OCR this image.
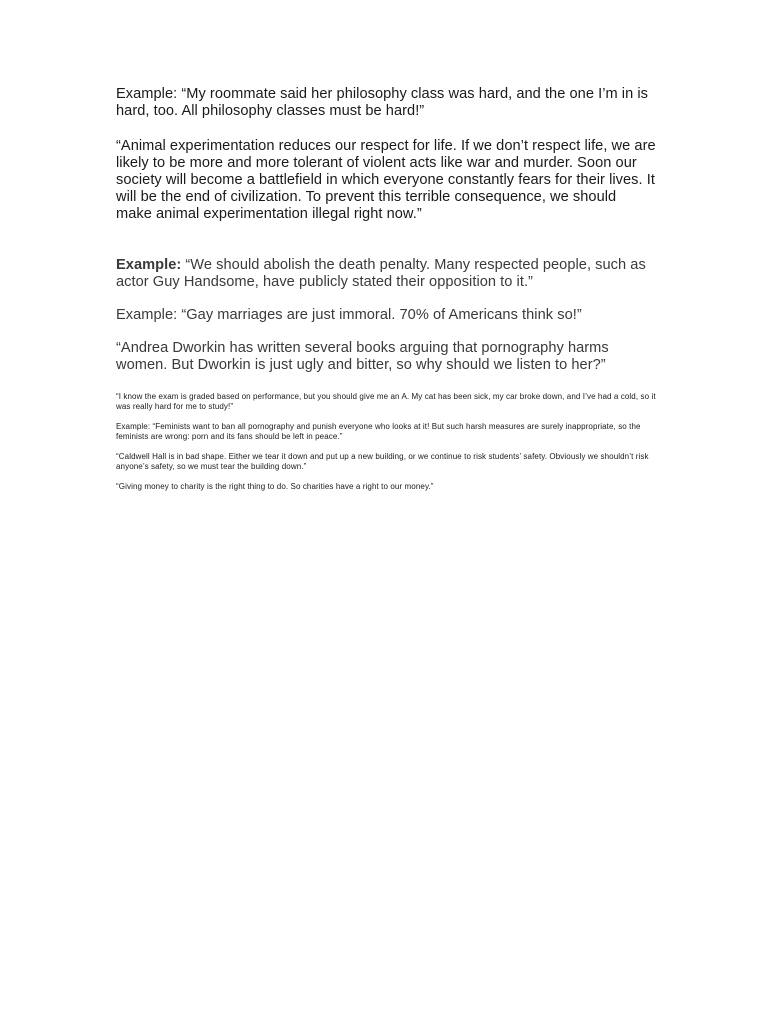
Example: “My roommate said her philosophy class was hard, and the one I’m in is hard, too. All philosophy classes must be hard!”

“Animal experimentation reduces our respect for life. If we don’t respect life, we are likely to be more and more tolerant of violent acts like war and murder. Soon our society will become a battlefield in which everyone constantly fears for their lives. It will be the end of civilization. To prevent this terrible consequence, we should make animal experimentation illegal right now.”

Example: “We should abolish the death penalty. Many respected people, such as actor Guy Handsome, have publicly stated their opposition to it.”

Example: “Gay marriages are just immoral. 70% of Americans think so!”

“Andrea Dworkin has written several books arguing that pornography harms women. But Dworkin is just ugly and bitter, so why should we listen to her?”

“I know the exam is graded based on performance, but you should give me an A. My cat has been sick, my car broke down, and I’ve had a cold, so it was really hard for me to study!”

Example: “Feminists want to ban all pornography and punish everyone who looks at it! But such harsh measures are surely inappropriate, so the feminists are wrong: porn and its fans should be left in peace.”

“Caldwell Hall is in bad shape. Either we tear it down and put up a new building, or we continue to risk students’ safety. Obviously we shouldn’t risk anyone’s safety, so we must tear the building down.”

“Giving money to charity is the right thing to do. So charities have a right to our money.”
